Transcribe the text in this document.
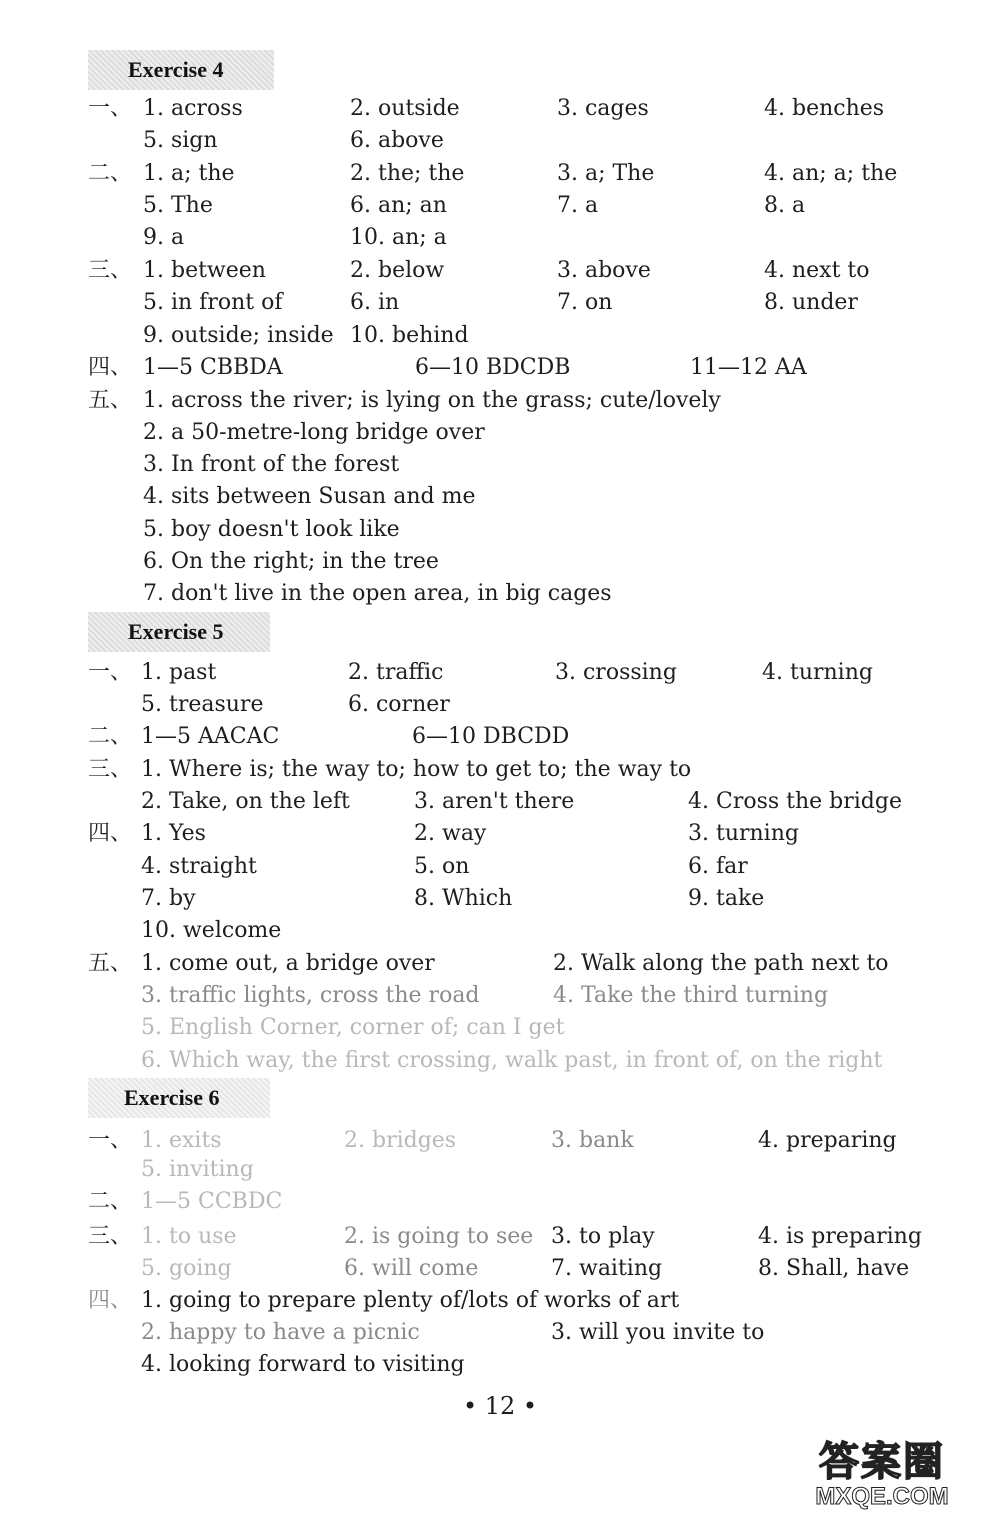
Exercise 4
一、 1. across	2. outside	3. cages	4. benches
5. sign	6. above
二、 1. a; the	2. the; the	3. a; The	4. an; a; the
5. The	6. an; an	7. a	8. a
9. a	10. an; a
三、 1. between	2. below	3. above	4. next to
5. in front of	6. in	7. on	8. under
9. outside; inside 10. behind
四、 1—5 CBBDA	6—10 BDCDB	11—12 AA
五、 1. across the river; is lying on the grass; cute/lovely
2. a 50-metre-long bridge over
3. In front of the forest
4. sits between Susan and me
5. boy doesn't look like
6. On the right; in the tree
7. don't live in the open area, in big cages
Exercise 5
一、 1. past	2. traffic	3. crossing	4. turning
5. treasure	6. corner
二、 1—5 AACAC	6—10 DBCDD
三、 1. Where is; the way to; how to get to; the way to
2. Take, on the left	3. aren't there	4. Cross the bridge
四、 1. Yes	2. way	3. turning
4. straight	5. on	6. far
7. by	8. Which	9. take
10. welcome
五、 1. come out, a bridge over	2. Walk along the path next to
3. traffic lights, cross the road	4. Take the third turning
5. English Corner, corner of; can I get
6. Which way, the first crossing, walk past, in front of, on the right
Exercise 6
一、 1. exits	2. bridges	3. bank	4. preparing
5. inviting
二、 1—5 CCBDC
三、 1. to use	2. is going to see 3. to play	4. is preparing
5. going	6. will come	7. waiting	8. Shall, have
四、 1. going to prepare plenty of/lots of works of art
2. happy to have a picnic	3. will you invite to
4. looking forward to visiting
• 12 •
答案圈
MXQE.COM
